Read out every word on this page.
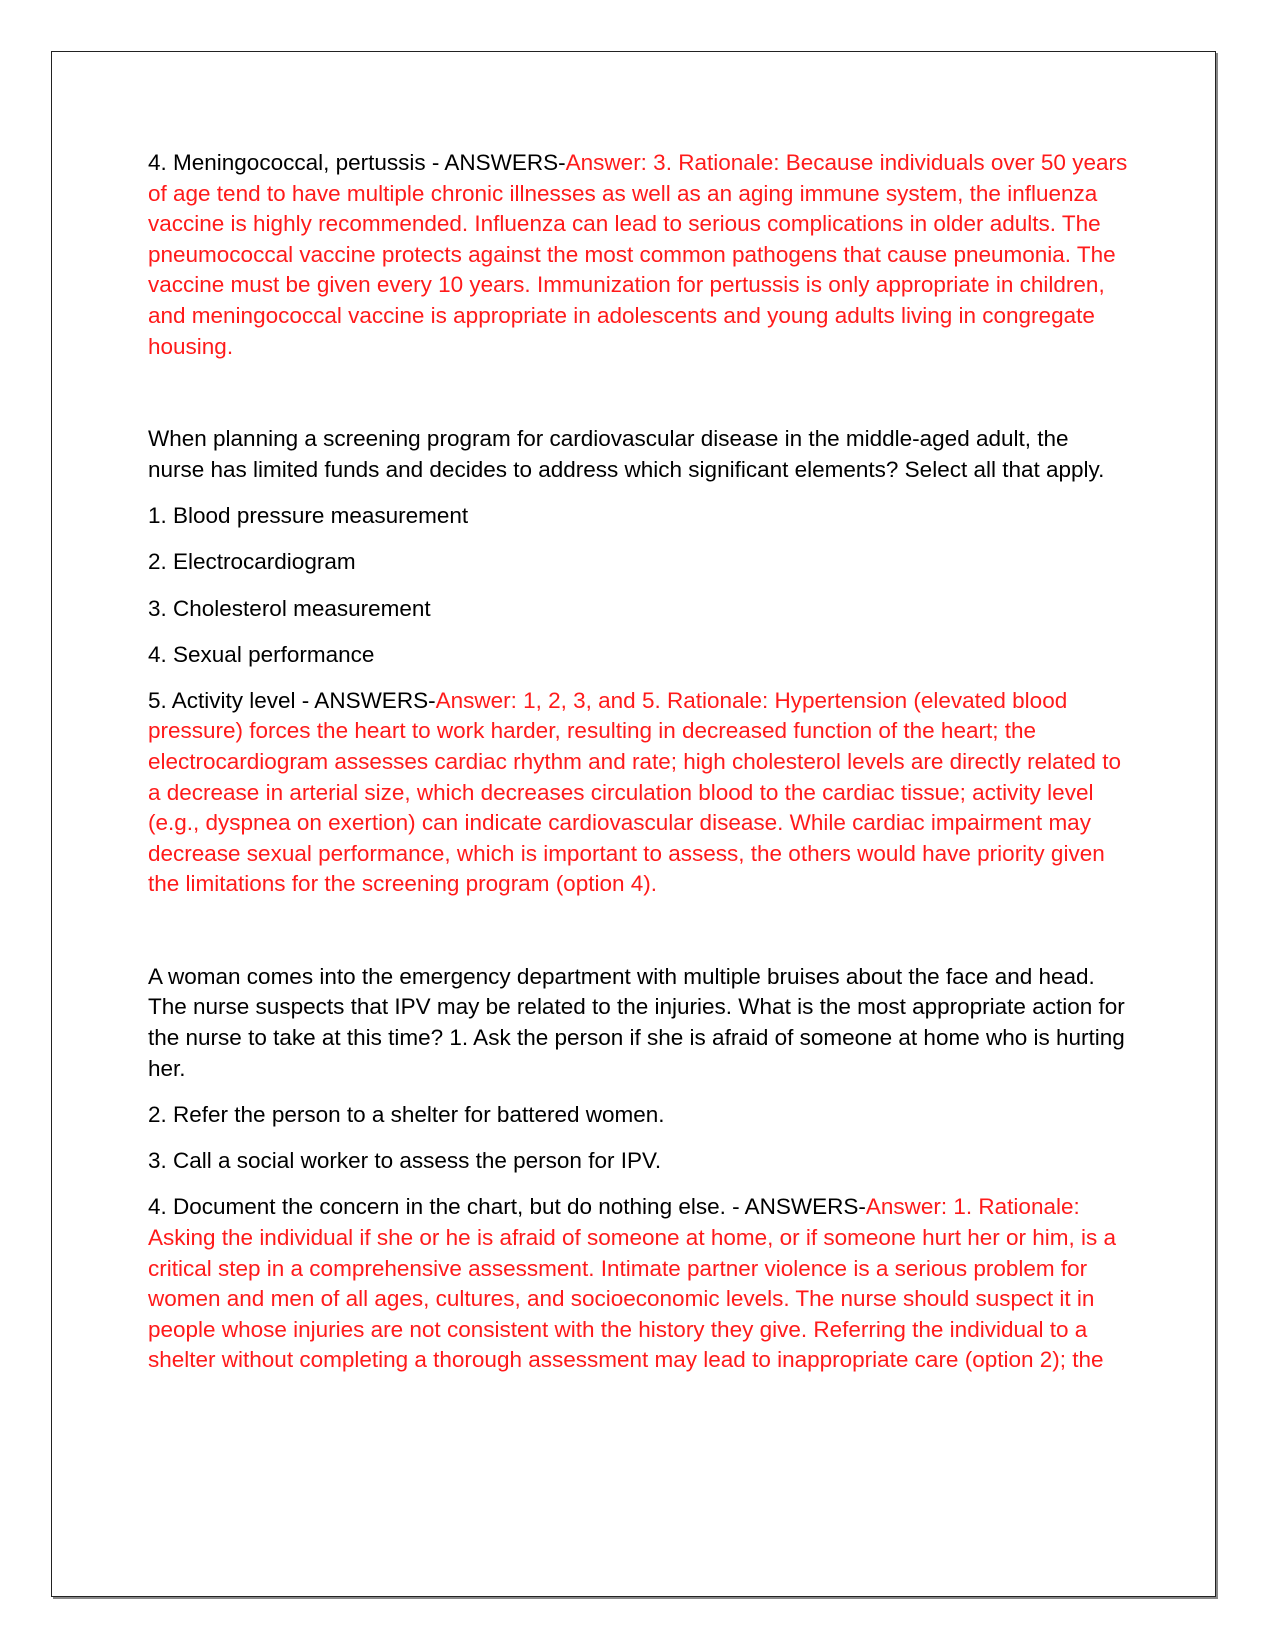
4. Meningococcal, pertussis - ANSWERS-Answer: 3. Rationale: Because individuals over 50 years of age tend to have multiple chronic illnesses as well as an aging immune system, the influenza vaccine is highly recommended. Influenza can lead to serious complications in older adults. The pneumococcal vaccine protects against the most common pathogens that cause pneumonia. The vaccine must be given every 10 years. Immunization for pertussis is only appropriate in children, and meningococcal vaccine is appropriate in adolescents and young adults living in congregate housing.

When planning a screening program for cardiovascular disease in the middle-aged adult, the nurse has limited funds and decides to address which significant elements? Select all that apply.

1. Blood pressure measurement

2. Electrocardiogram

3. Cholesterol measurement

4. Sexual performance

5. Activity level - ANSWERS-Answer: 1, 2, 3, and 5. Rationale: Hypertension (elevated blood pressure) forces the heart to work harder, resulting in decreased function of the heart; the electrocardiogram assesses cardiac rhythm and rate; high cholesterol levels are directly related to a decrease in arterial size, which decreases circulation blood to the cardiac tissue; activity level (e.g., dyspnea on exertion) can indicate cardiovascular disease. While cardiac impairment may decrease sexual performance, which is important to assess, the others would have priority given the limitations for the screening program (option 4).

A woman comes into the emergency department with multiple bruises about the face and head. The nurse suspects that IPV may be related to the injuries. What is the most appropriate action for the nurse to take at this time? 1. Ask the person if she is afraid of someone at home who is hurting her.

2. Refer the person to a shelter for battered women.

3. Call a social worker to assess the person for IPV.

4. Document the concern in the chart, but do nothing else. - ANSWERS-Answer: 1. Rationale: Asking the individual if she or he is afraid of someone at home, or if someone hurt her or him, is a critical step in a comprehensive assessment. Intimate partner violence is a serious problem for women and men of all ages, cultures, and socioeconomic levels. The nurse should suspect it in people whose injuries are not consistent with the history they give. Referring the individual to a shelter without completing a thorough assessment may lead to inappropriate care (option 2); the
